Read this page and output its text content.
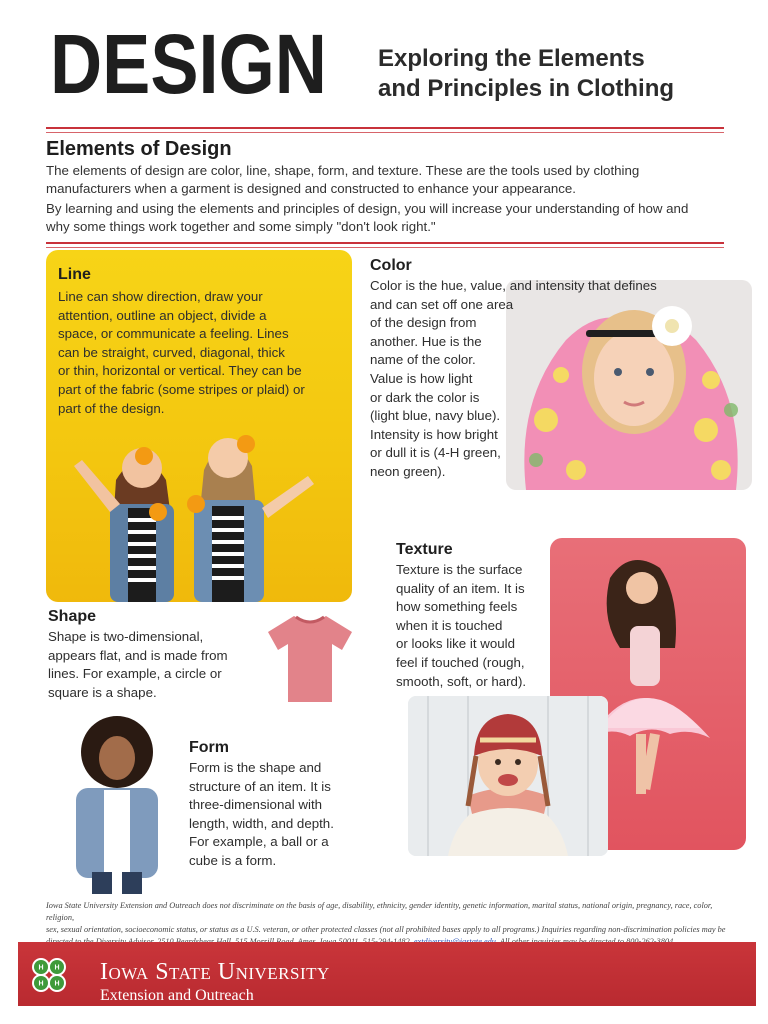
DESIGN Exploring the Elements
and Principles in Clothing
Elements of Design
The elements of design are color, line, shape, form, and texture. These are the tools used by clothing
manufacturers when a garment is designed and constructed to enhance your appearance.
By learning and using the elements and principles of design, you will increase your understanding of how and
why some things work together and some simply "don't look right."
Line
Line can show direction, draw your
attention, outline an object, divide a
space, or communicate a feeling. Lines
can be straight, curved, diagonal, thick
or thin, horizontal or vertical. They can be
part of the fabric (some stripes or plaid) or
part of the design.
Color
Color is the hue, value, and intensity that defines
and can set off one area
of the design from
another. Hue is the
name of the color.
Value is how light
or dark the color is
(light blue, navy blue).
Intensity is how bright
or dull it is (4-H green,
neon green).
Texture
Texture is the surface
quality of an item. It is
how something feels
when it is touched
or looks like it would
feel if touched (rough,
smooth, soft, or hard).
Shape
Shape is two-dimensional,
appears flat, and is made from
lines. For example, a circle or
square is a shape.
Form
Form is the shape and
structure of an item. It is
three-dimensional with
length, width, and depth.
For example, a ball or a
cube is a form.
Iowa State University Extension and Outreach does not discriminate on the basis of age, disability, ethnicity, gender identity, genetic information, marital status, national origin, pregnancy, race, color, religion,
sex, sexual orientation, socioeconomic status, or status as a U.S. veteran, or other protected classes (not all prohibited bases apply to all programs.) Inquiries regarding non-discrimination policies may be
H H
H H Iowa State University
Extension and Outreach
